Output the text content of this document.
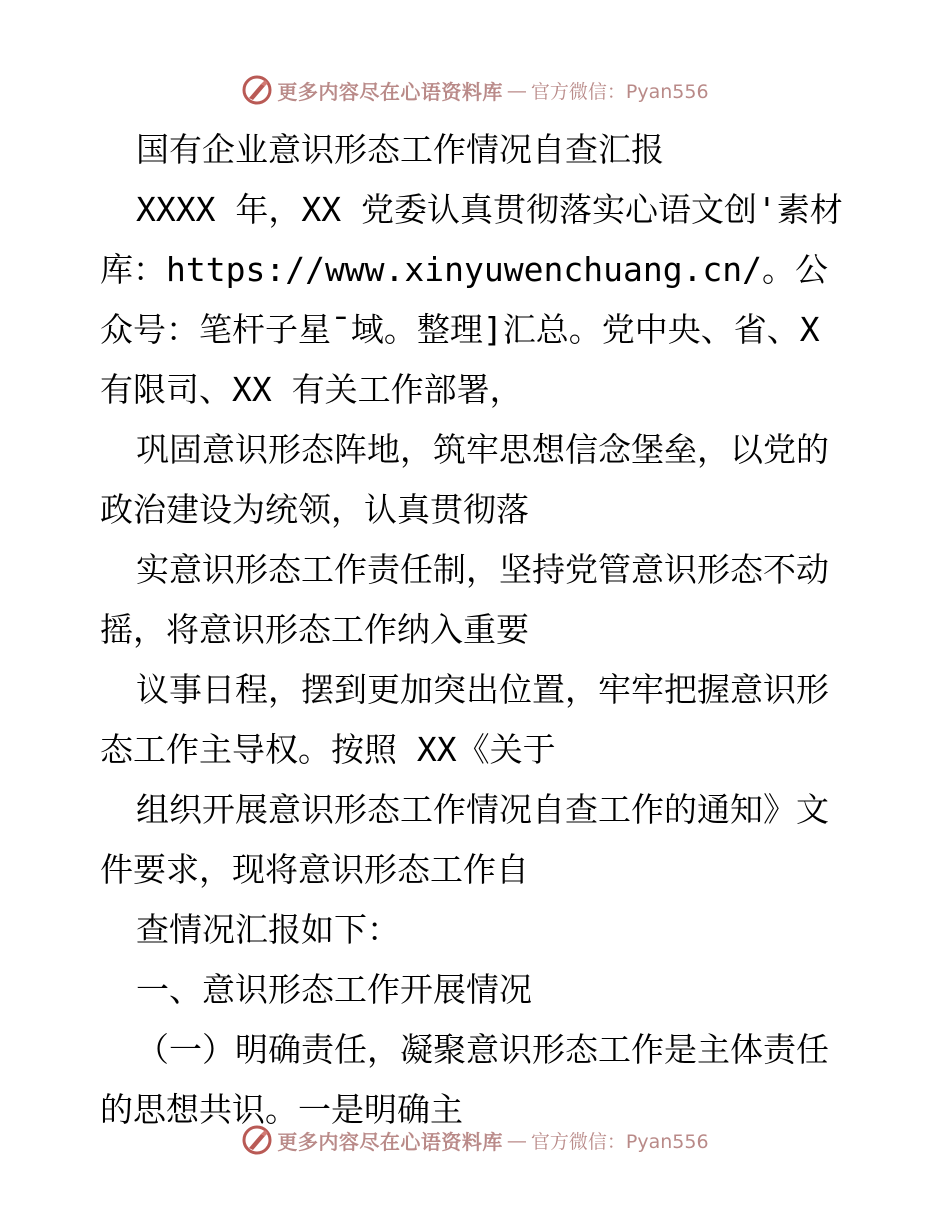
更多内容尽在心语资料库 — 官方微信：Pyan556

国有企业意识形态工作情况自查汇报

XXXX 年，XX 党委认真贯彻落实心语文创'素材库：https://www.xinyuwenchuang.cn/。公众号：笔杆子星¯域。整理]汇总。党中央、省、X 有限司、XX 有关工作部署，

巩固意识形态阵地，筑牢思想信念堡垒，以党的政治建设为统领，认真贯彻落

实意识形态工作责任制，坚持党管意识形态不动摇，将意识形态工作纳入重要

议事日程，摆到更加突出位置，牢牢把握意识形态工作主导权。按照 XX《关于

组织开展意识形态工作情况自查工作的通知》文件要求，现将意识形态工作自

查情况汇报如下：

一、意识形态工作开展情况

（一）明确责任，凝聚意识形态工作是主体责任的思想共识。一是明确主

更多内容尽在心语资料库 — 官方微信：Pyan556
